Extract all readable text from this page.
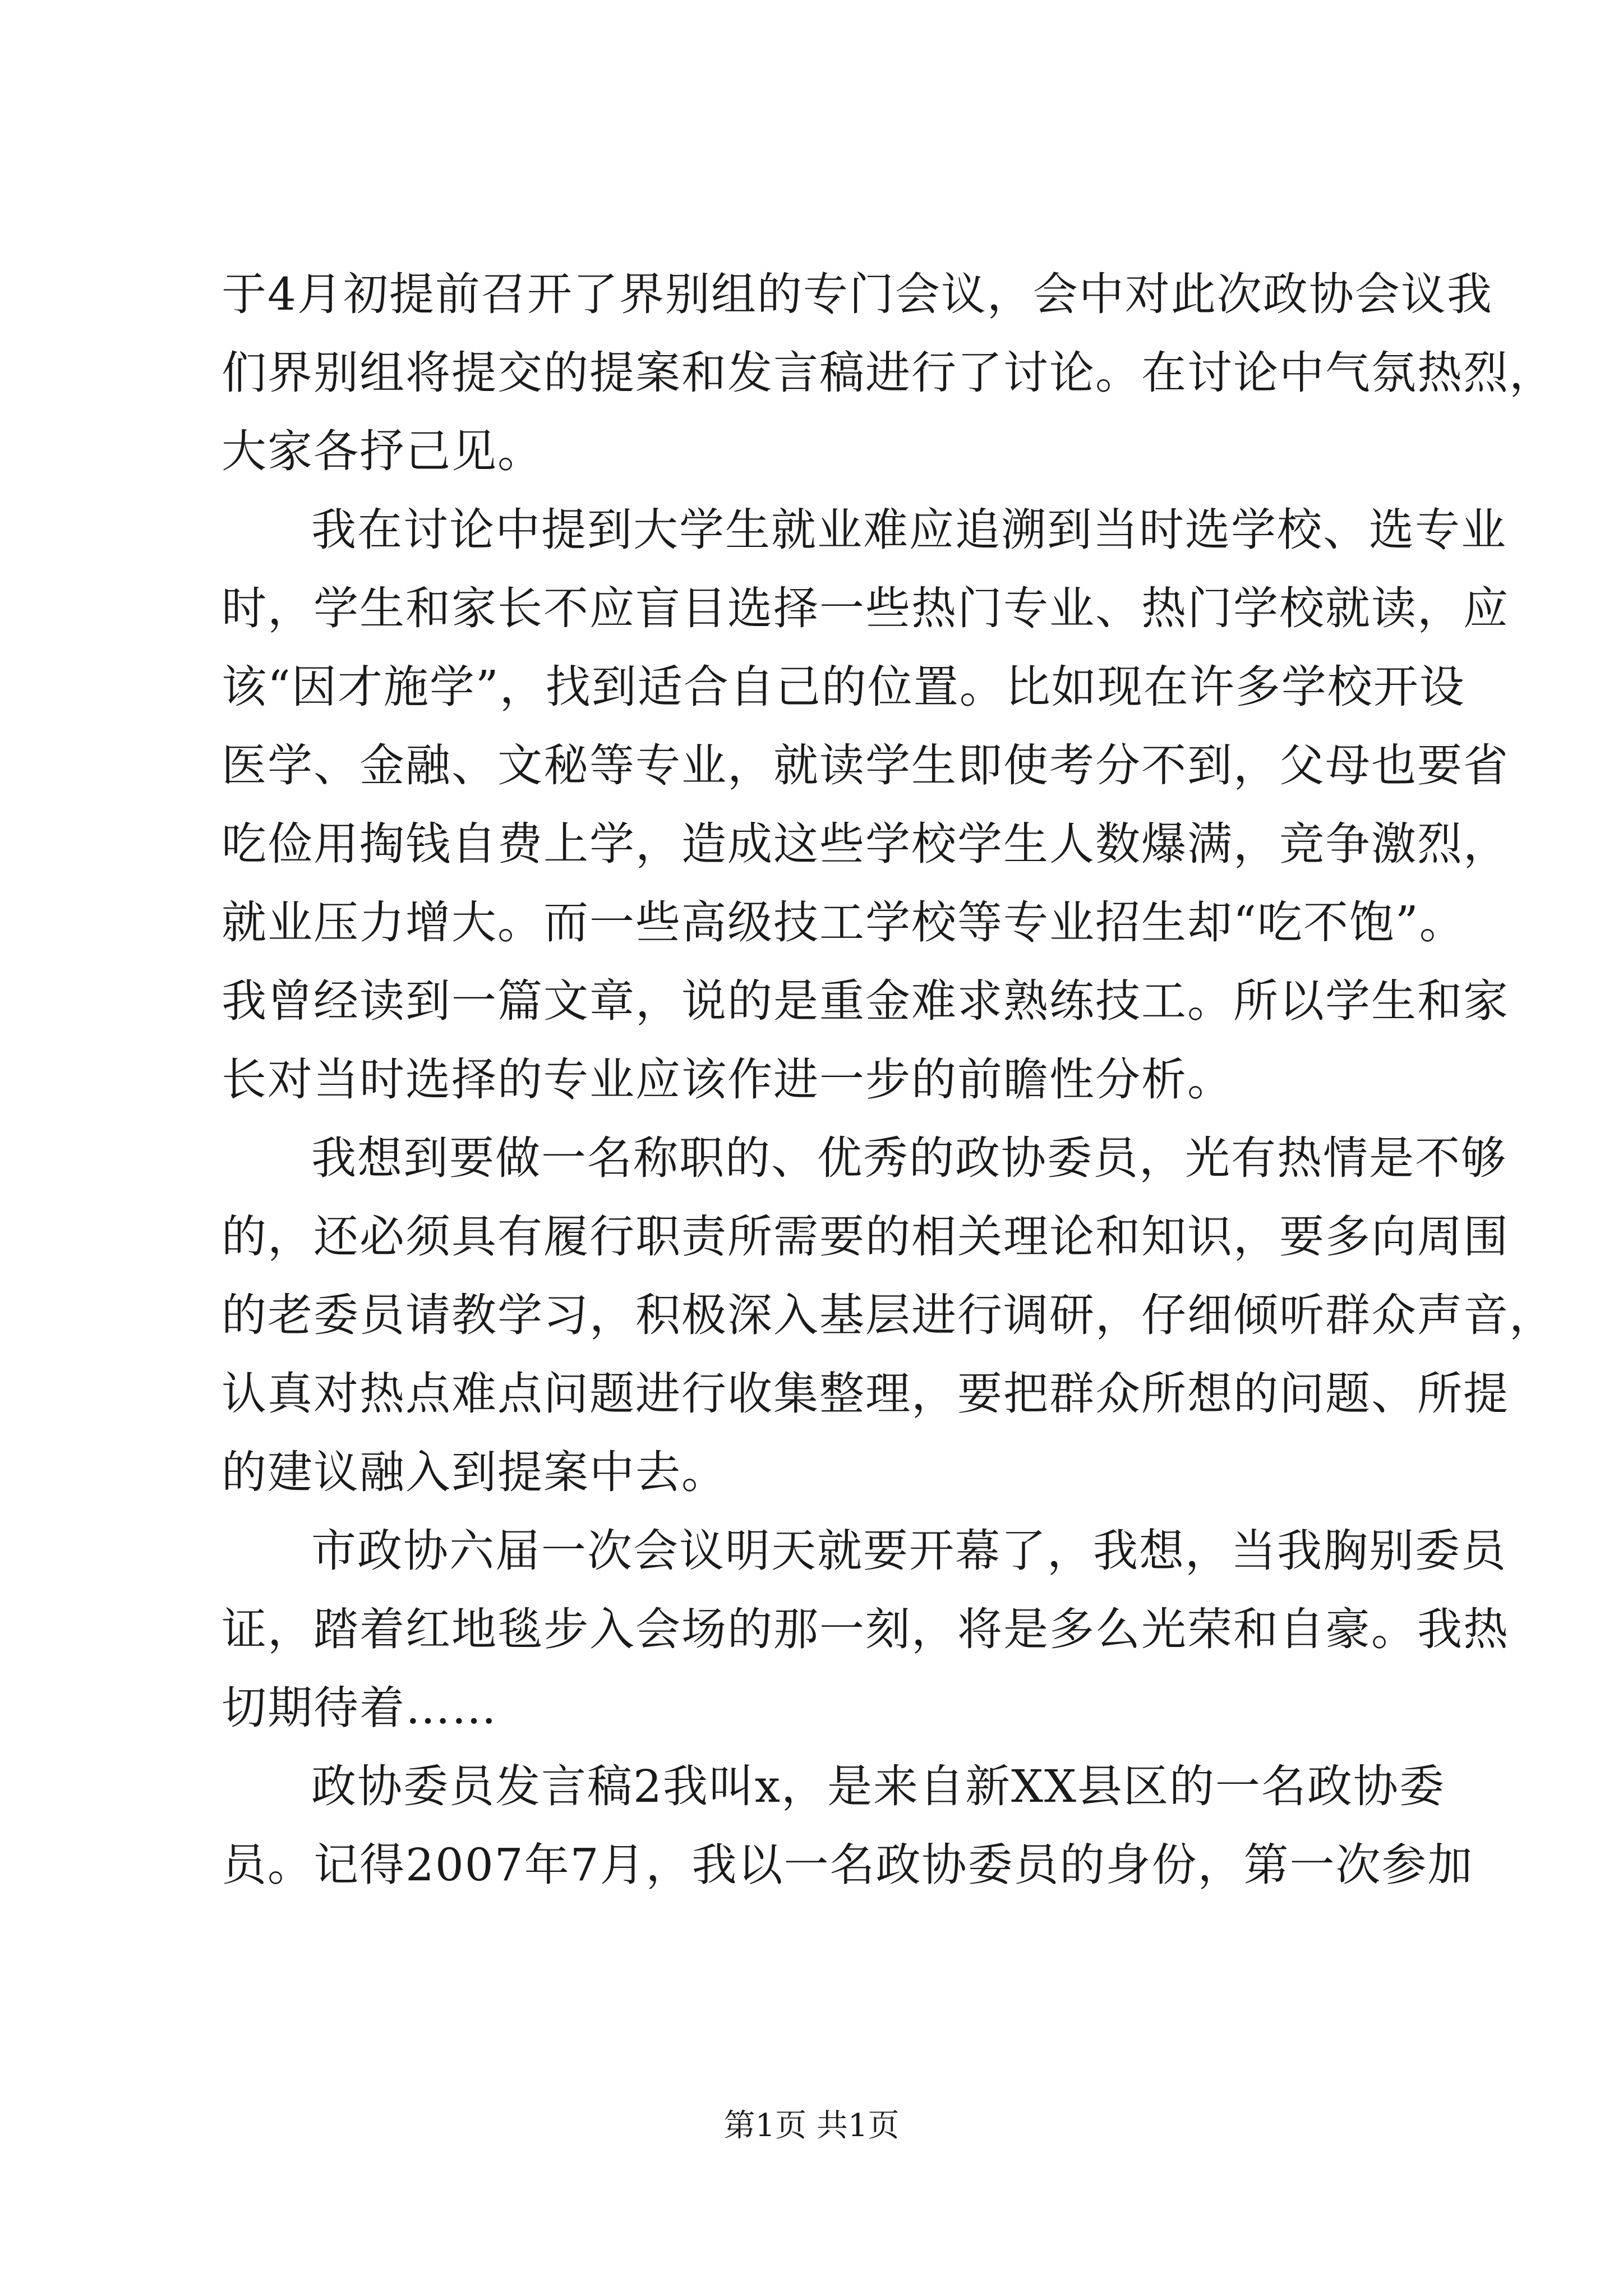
于4月初提前召开了界别组的专门会议，会中对此次政协会议我
们界别组将提交的提案和发言稿进行了讨论。在讨论中气氛热烈，
大家各抒己见。
我在讨论中提到大学生就业难应追溯到当时选学校、选专业
时，学生和家长不应盲目选择一些热门专业、热门学校就读，应
该“因才施学”，找到适合自己的位置。比如现在许多学校开设
医学、金融、文秘等专业，就读学生即使考分不到，父母也要省
吃俭用掏钱自费上学，造成这些学校学生人数爆满，竞争激烈，
就业压力增大。而一些高级技工学校等专业招生却“吃不饱”。
我曾经读到一篇文章，说的是重金难求熟练技工。所以学生和家
长对当时选择的专业应该作进一步的前瞻性分析。
我想到要做一名称职的、优秀的政协委员，光有热情是不够
的，还必须具有履行职责所需要的相关理论和知识，要多向周围
的老委员请教学习，积极深入基层进行调研，仔细倾听群众声音，
认真对热点难点问题进行收集整理，要把群众所想的问题、所提
的建议融入到提案中去。
市政协六届一次会议明天就要开幕了，我想，当我胸别委员
证，踏着红地毯步入会场的那一刻，将是多么光荣和自豪。我热
切期待着……
政协委员发言稿2我叫x，是来自新XX县区的一名政协委
员。记得2007年7月，我以一名政协委员的身份，第一次参加
第1页 共1页
